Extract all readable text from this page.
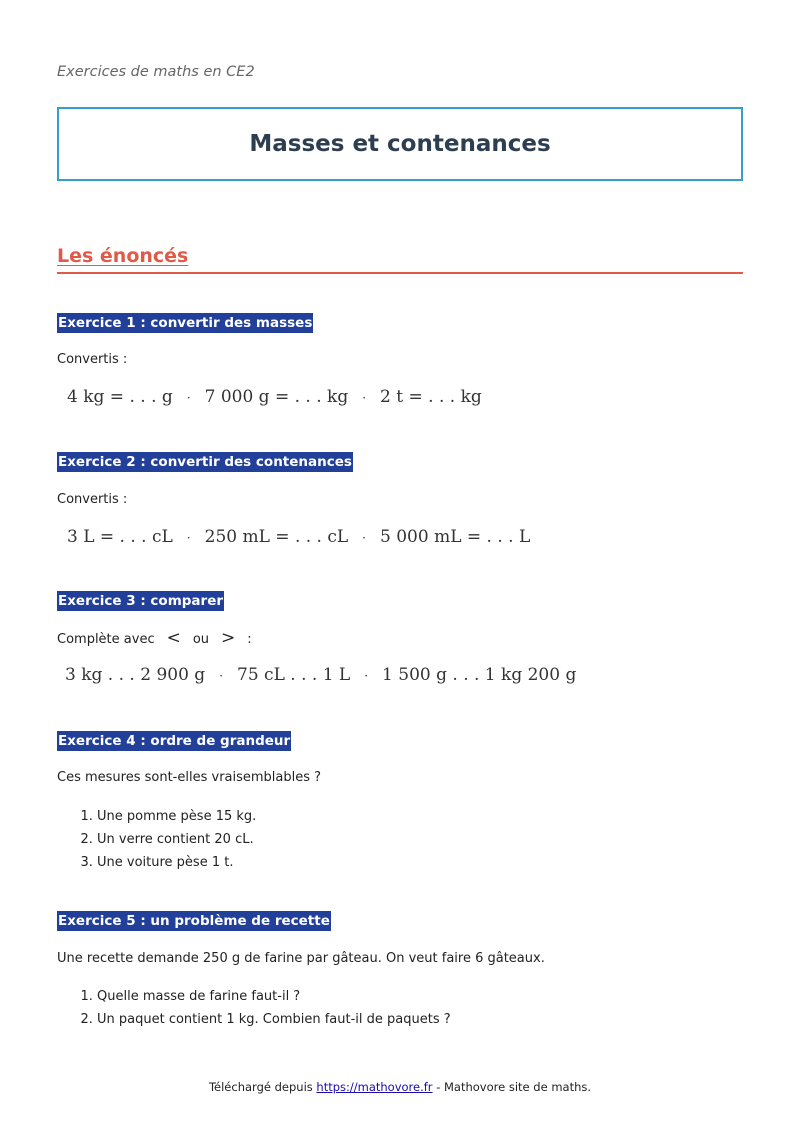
Exercices de maths en CE2
Masses et contenances
Les énoncés
Exercice 1 : convertir des masses
Convertis :
4 kg = . . . g · 7 000 g = . . . kg · 2 t = . . . kg
Exercice 2 : convertir des contenances
Convertis :
3 L = . . . cL · 250 mL = . . . cL · 5 000 mL = . . . L
Exercice 3 : comparer
Complète avec < ou > :
3 kg . . . 2 900 g · 75 cL . . . 1 L · 1 500 g . . . 1 kg 200 g
Exercice 4 : ordre de grandeur
Ces mesures sont-elles vraisemblables ?
1. Une pomme pèse 15 kg.
2. Un verre contient 20 cL.
3. Une voiture pèse 1 t.
Exercice 5 : un problème de recette
Une recette demande 250 g de farine par gâteau. On veut faire 6 gâteaux.
1. Quelle masse de farine faut-il ?
2. Un paquet contient 1 kg. Combien faut-il de paquets ?
Téléchargé depuis https://mathovore.fr - Mathovore site de maths.
